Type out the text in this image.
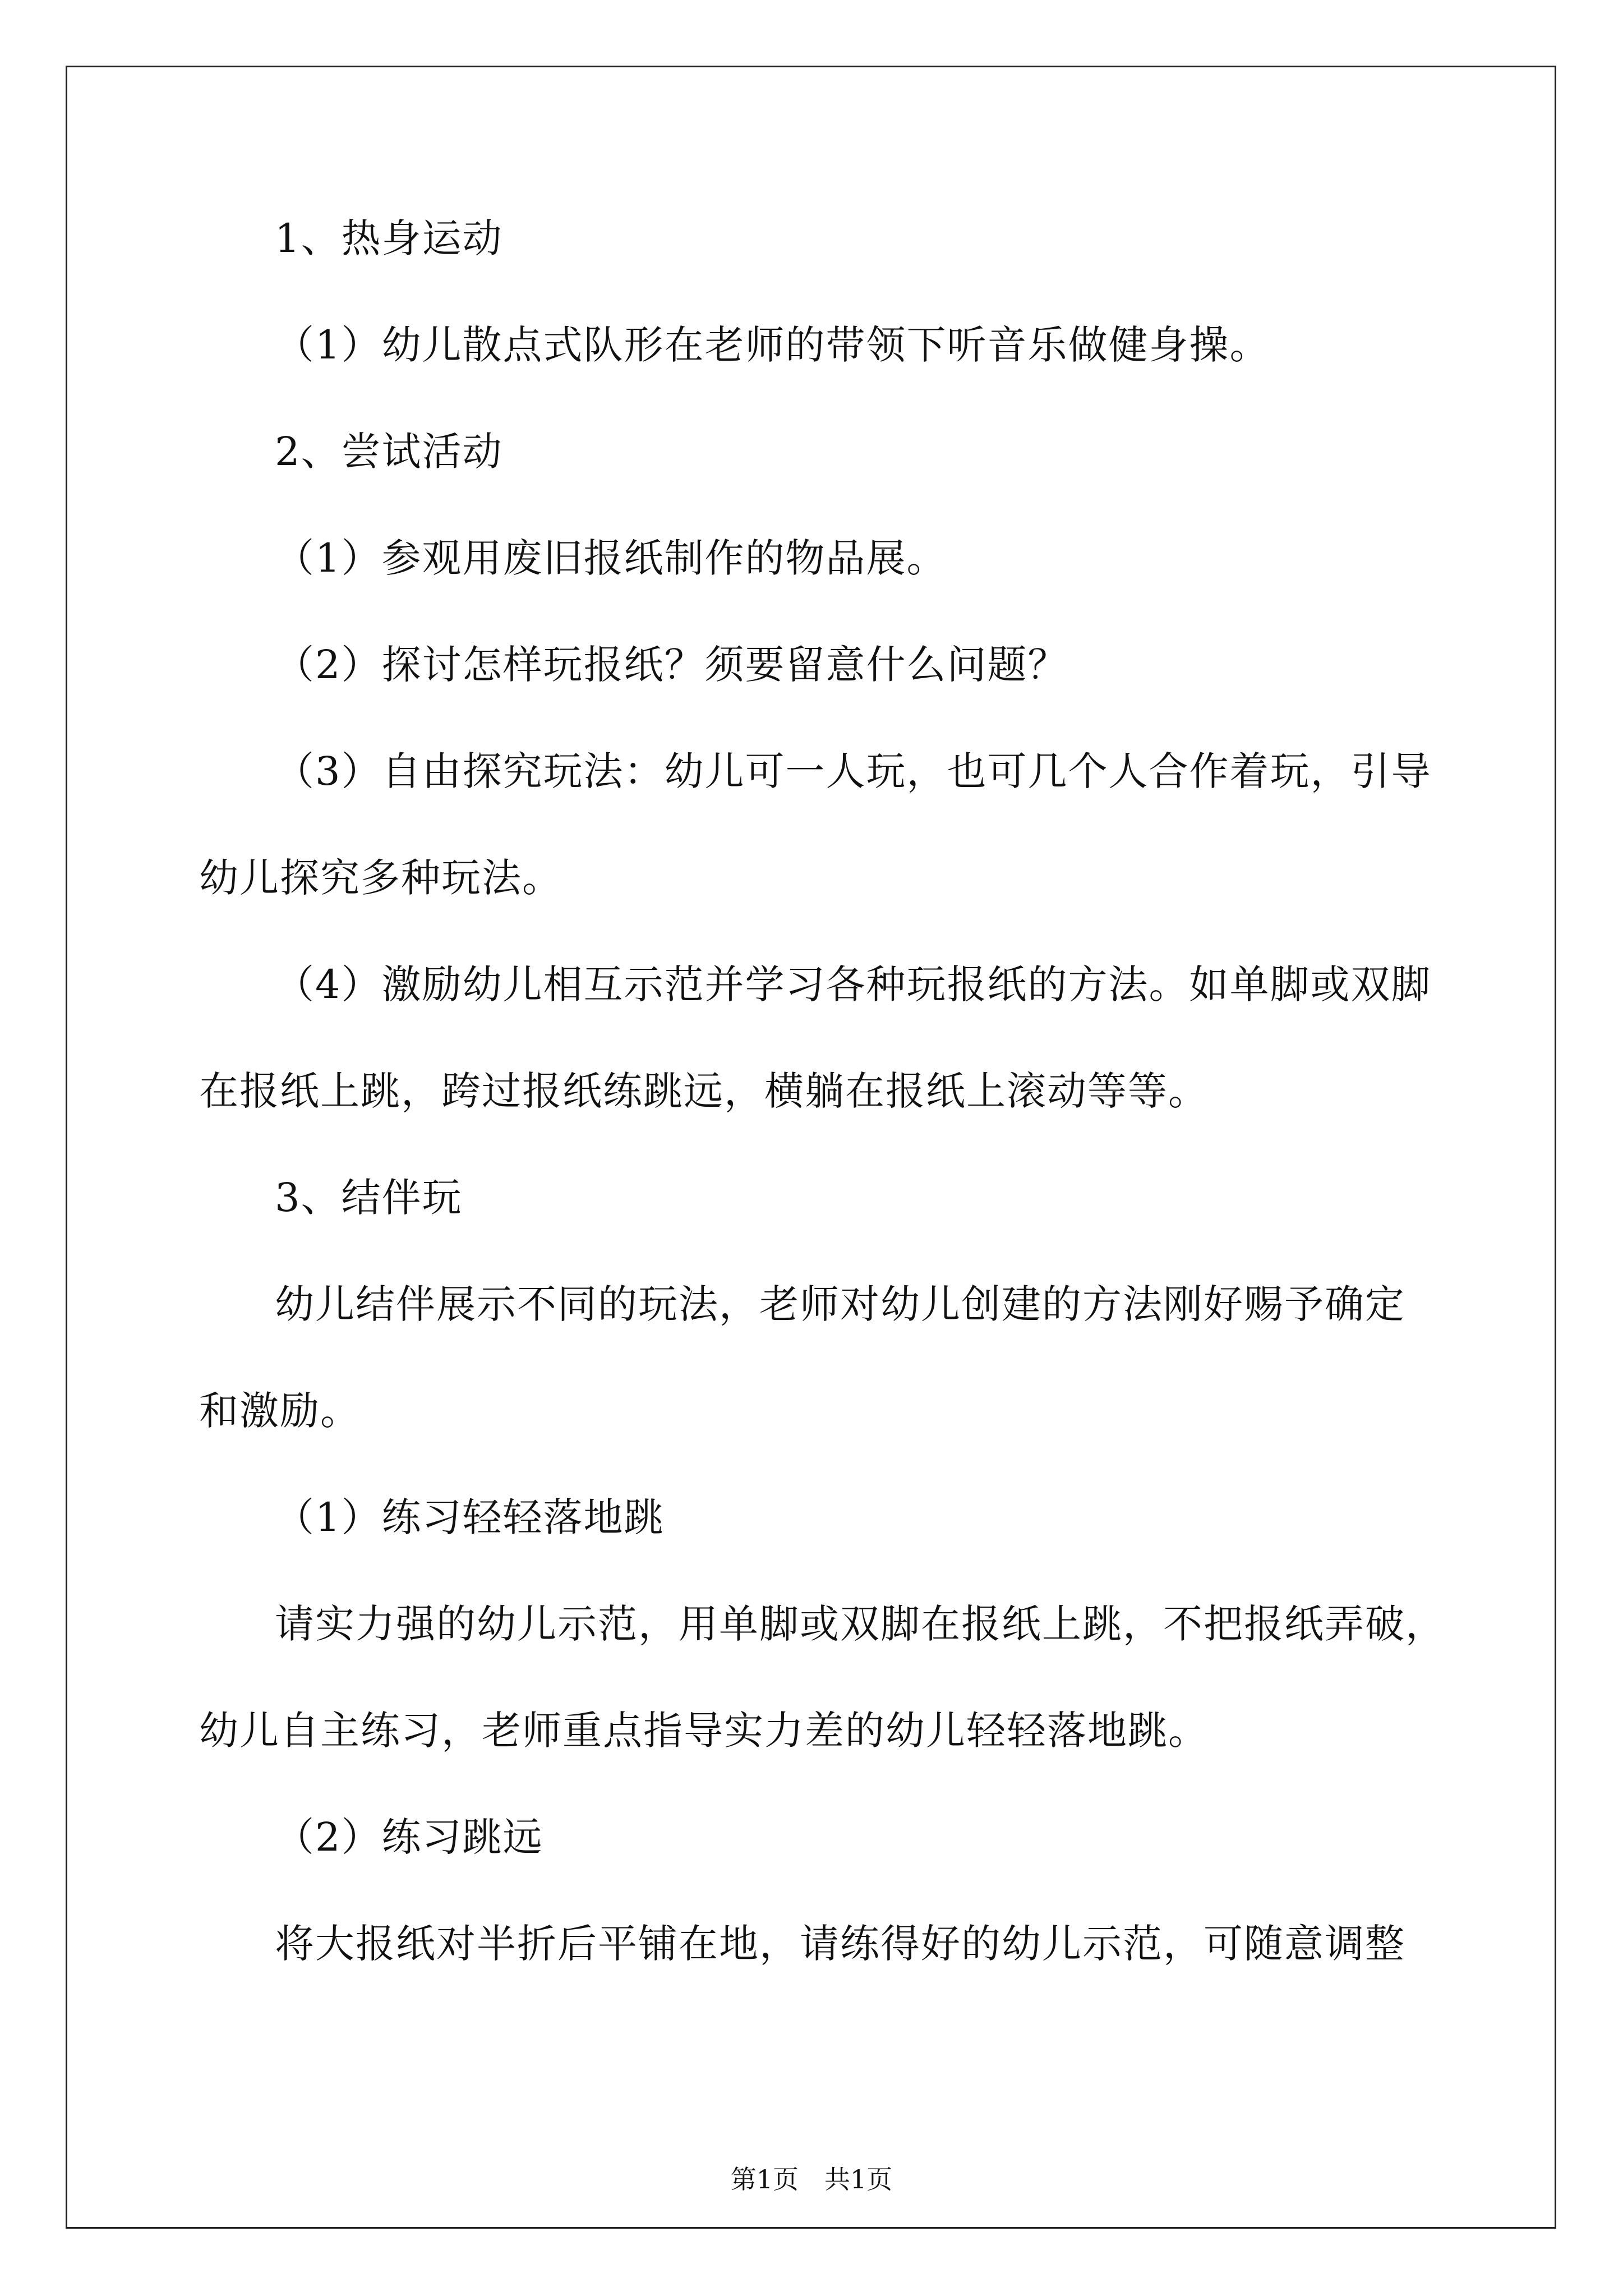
1、热身运动
（1）幼儿散点式队形在老师的带领下听音乐做健身操。
2、尝试活动
（1）参观用废旧报纸制作的物品展。
（2）探讨怎样玩报纸？须要留意什么问题？
（3）自由探究玩法：幼儿可一人玩，也可几个人合作着玩，引导
幼儿探究多种玩法。
（4）激励幼儿相互示范并学习各种玩报纸的方法。如单脚或双脚
在报纸上跳，跨过报纸练跳远，横躺在报纸上滚动等等。
3、结伴玩
幼儿结伴展示不同的玩法，老师对幼儿创建的方法刚好赐予确定
和激励。
（1）练习轻轻落地跳
请实力强的幼儿示范，用单脚或双脚在报纸上跳，不把报纸弄破，
幼儿自主练习，老师重点指导实力差的幼儿轻轻落地跳。
（2）练习跳远
将大报纸对半折后平铺在地，请练得好的幼儿示范，可随意调整
第1页　共1页
